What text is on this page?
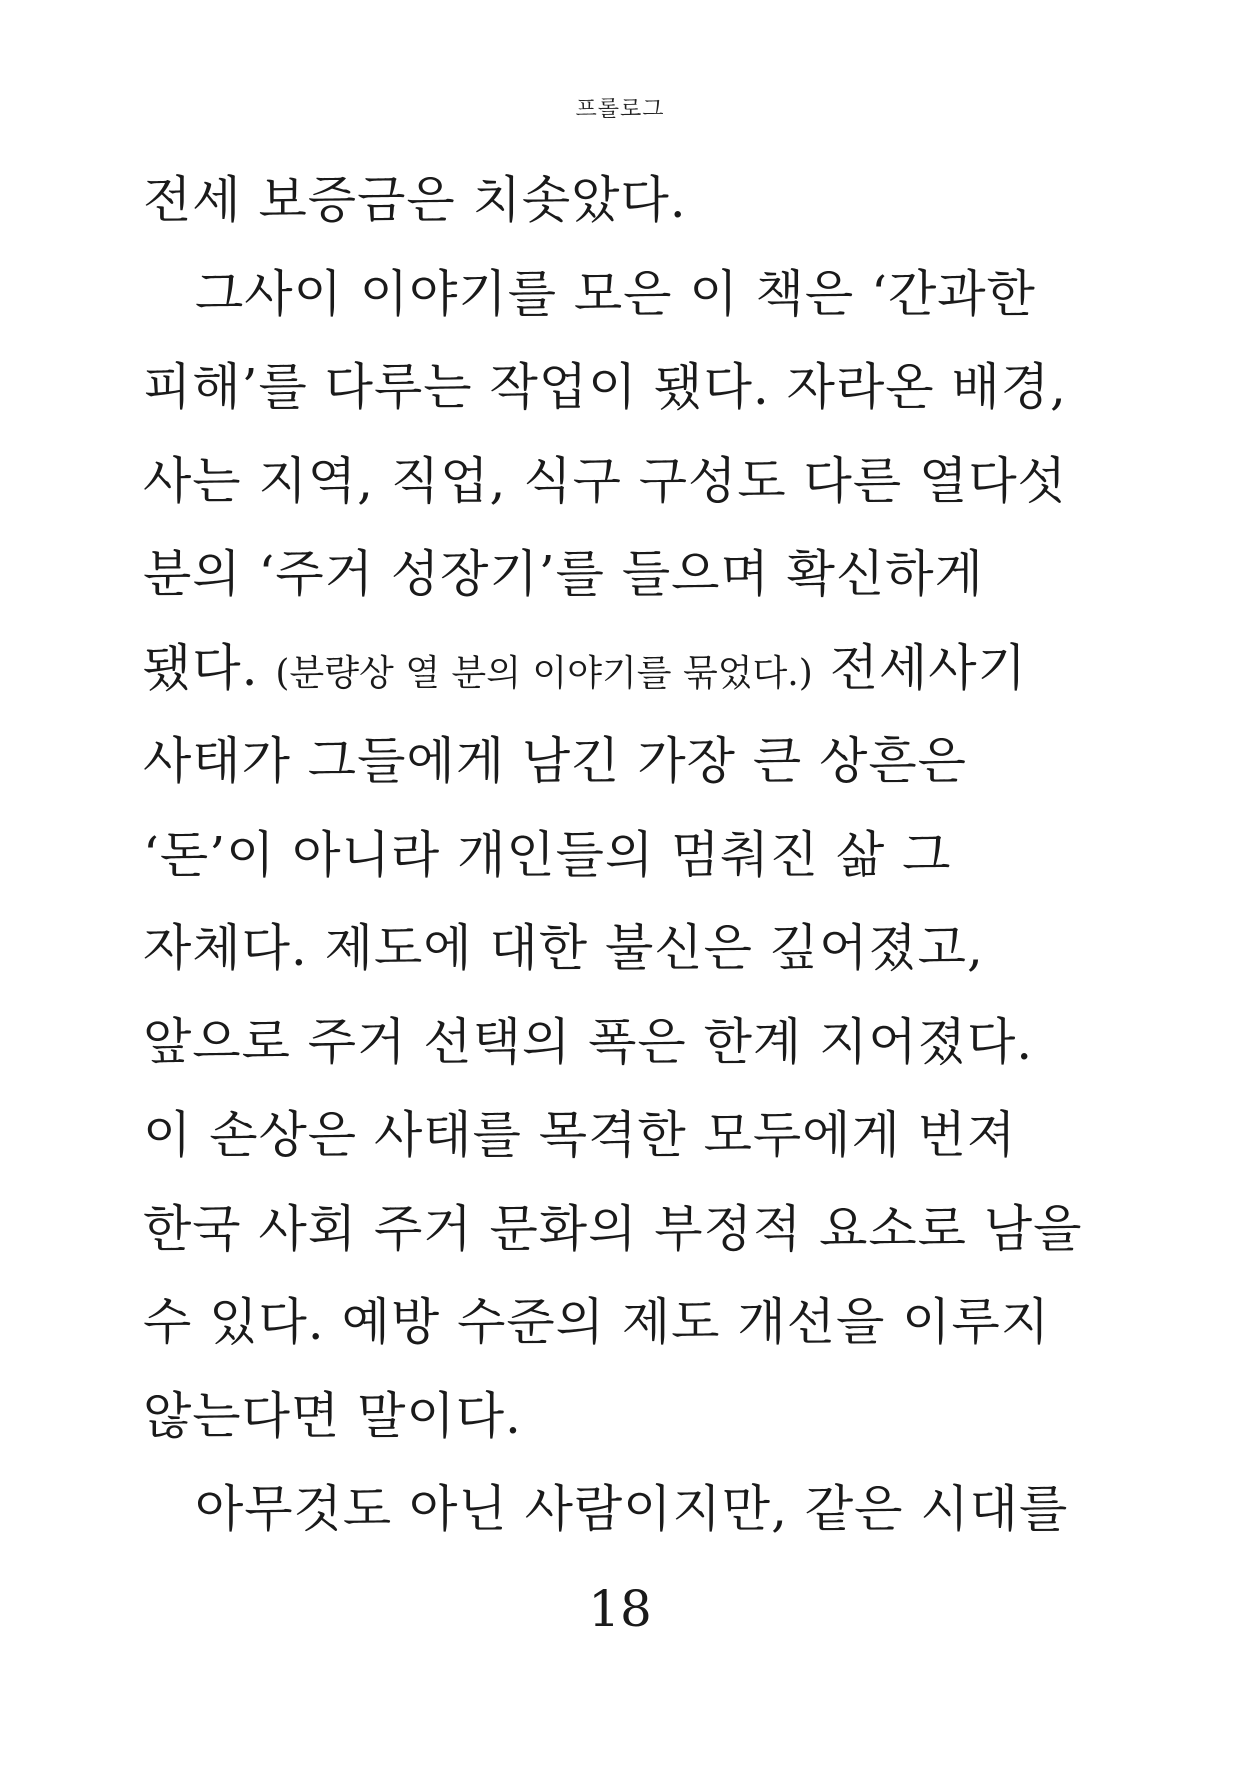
프롤로그
전세 보증금은 치솟았다.
그사이 이야기를 모은 이 책은 ‘간과한
피해’를 다루는 작업이 됐다. 자라온 배경,
사는 지역, 직업, 식구 구성도 다른 열다섯
분의 ‘주거 성장기’를 들으며 확신하게
됐다. (분량상 열 분의 이야기를 묶었다.) 전세사기
사태가 그들에게 남긴 가장 큰 상흔은
‘돈’이 아니라 개인들의 멈춰진 삶 그
자체다. 제도에 대한 불신은 깊어졌고,
앞으로 주거 선택의 폭은 한계 지어졌다.
이 손상은 사태를 목격한 모두에게 번져
한국 사회 주거 문화의 부정적 요소로 남을
수 있다. 예방 수준의 제도 개선을 이루지
않는다면 말이다.
아무것도 아닌 사람이지만, 같은 시대를
18
